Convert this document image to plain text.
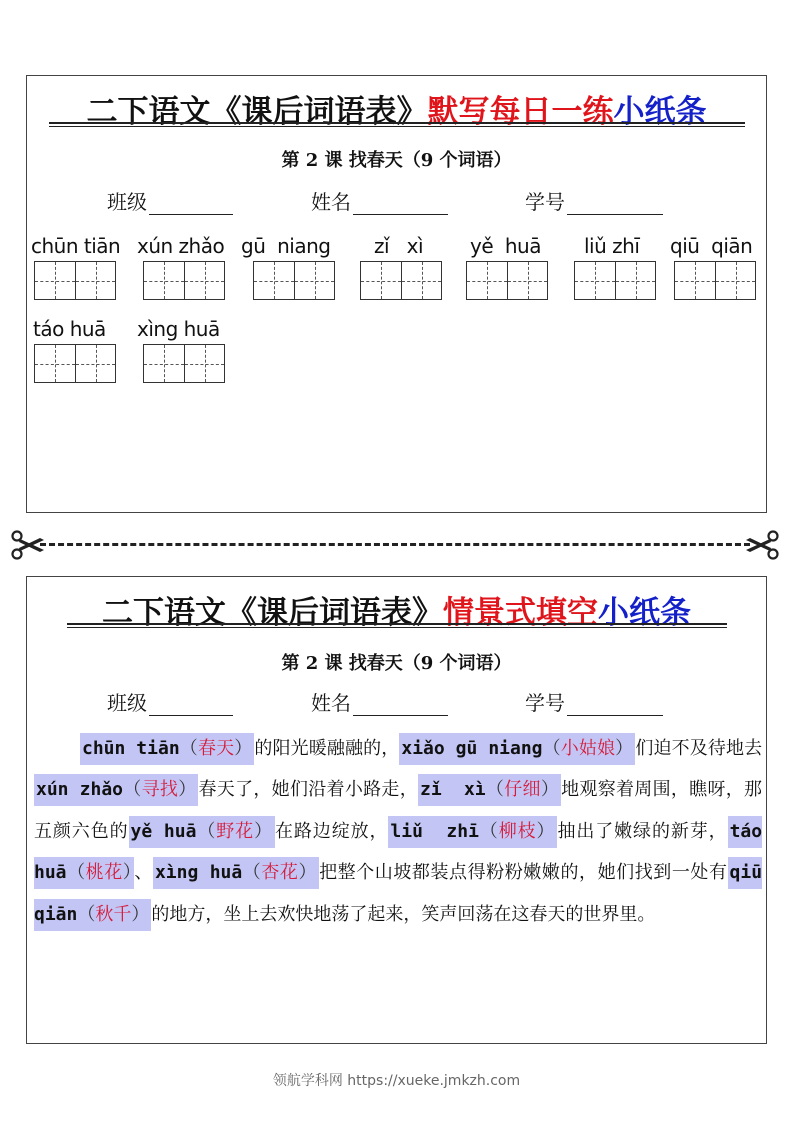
二下语文《课后词语表》默写每日一练小纸条
第 2 课 找春天（9 个词语）
班级	姓名	学号
chūn tiān xún zhǎo gū  niang zǐ   xì yě  huā liǔ zhī qiū  qiān
táo huā xìng huā
二下语文《课后词语表》情景式填空小纸条
第 2 课 找春天（9 个词语）
班级	姓名	学号
chūn tiān（春天） 的阳光暖融融的， xiǎo gū niang（小姑娘） 们迫不及待地去xún zhǎo（寻找） 春天了，她们沿着小路走， zǐ  xì（仔细） 地观察着周围，瞧呀，那五颜六色的 yě huā（野花） 在路边绽放， liǔ  zhī（柳枝） 抽出了嫩绿的新芽， táo huā（桃花） 、 xìng huā（杏花） 把整个山坡都装点得粉粉嫩嫩的，她们找到一处有 qiū qiān（秋千） 的地方，坐上去欢快地荡了起来，笑声回荡在这春天的世界里。
领航学科网 https://xueke.jmkzh.com
